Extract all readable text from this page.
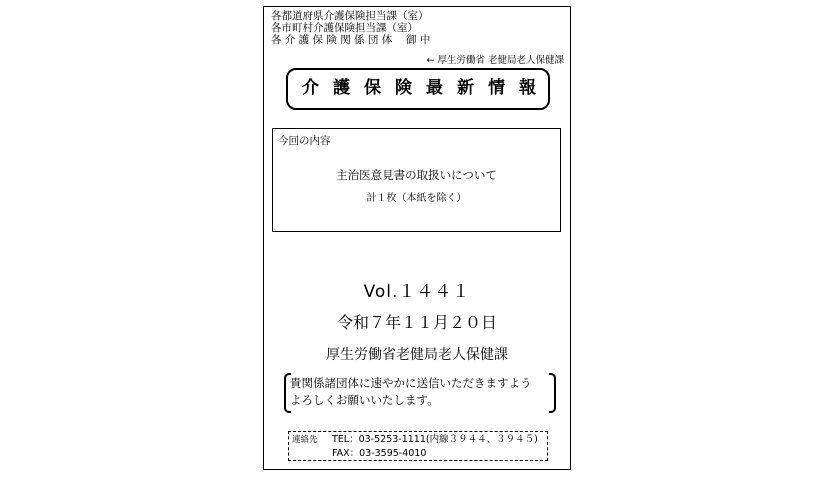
各都道府県介護保険担当課（室）
各市町村介護保険担当課（室）
各 介 護 保 険 関 係 団 体 　御 中
← 厚生労働省 老健局老人保健課
介護保険最新情報
今回の内容
主治医意見書の取扱いについて
計１枚（本紙を除く）
Vol.１４４１
令和７年１１月２０日
厚生労働省老健局老人保健課
貴関係諸団体に速やかに送信いただきますよう
よろしくお願いいたします。
連絡先 TEL：03-5253-1111(内線３９４４、３９４５)
FAX：03-3595-4010
